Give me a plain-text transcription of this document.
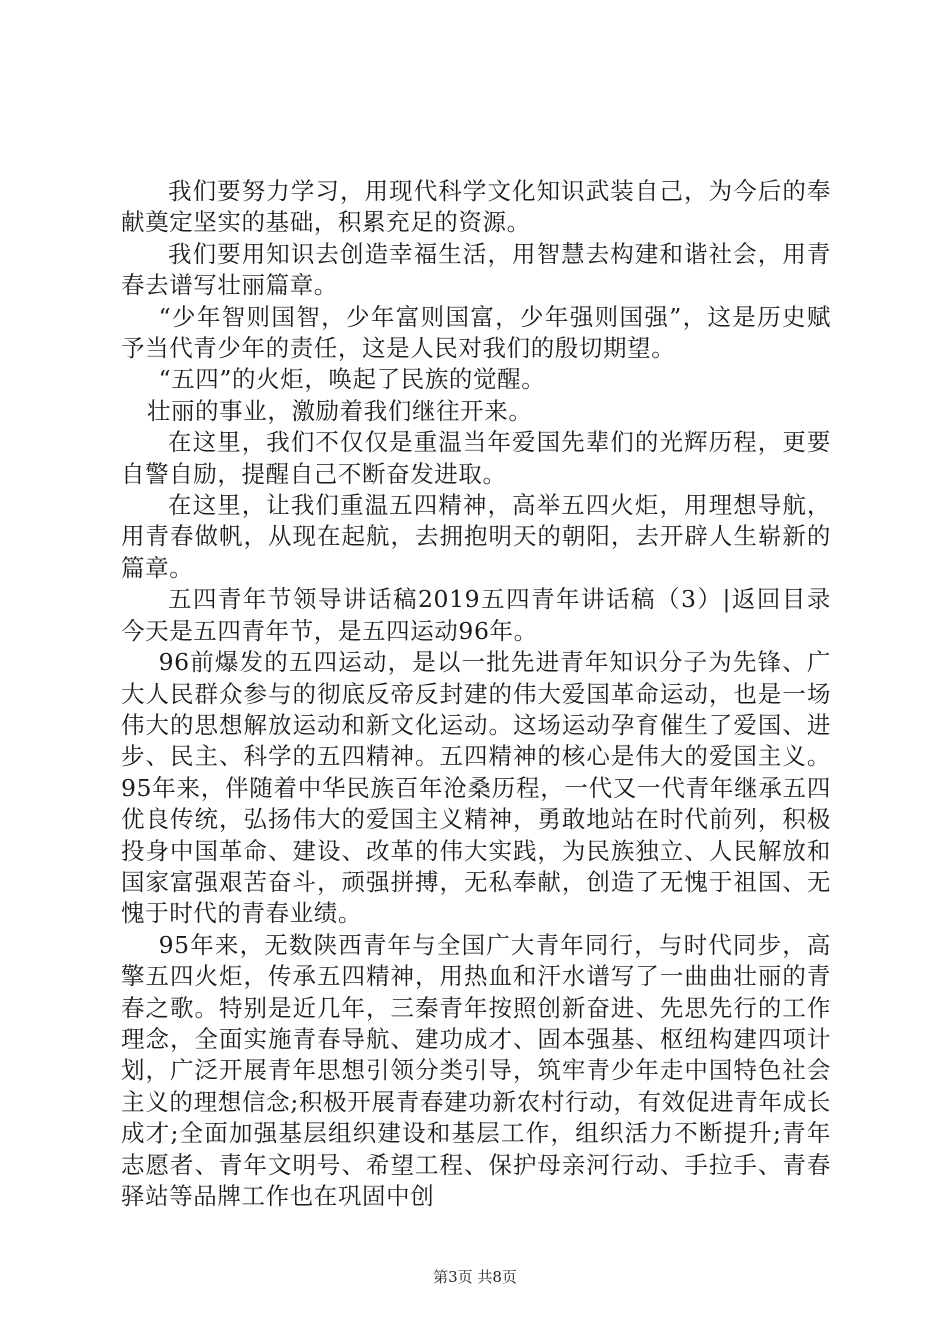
我们要努力学习，用现代科学文化知识武装自己，为今后的奉献奠定坚实的基础，积累充足的资源。

我们要用知识去创造幸福生活，用智慧去构建和谐社会，用青春去谱写壮丽篇章。

“少年智则国智，少年富则国富，少年强则国强”，这是历史赋予当代青少年的责任，这是人民对我们的殷切期望。

“五四”的火炬，唤起了民族的觉醒。

壮丽的事业，激励着我们继往开来。

在这里，我们不仅仅是重温当年爱国先辈们的光辉历程，更要自警自励，提醒自己不断奋发进取。

在这里，让我们重温五四精神，高举五四火炬，用理想导航，用青春做帆，从现在起航，去拥抱明天的朝阳，去开辟人生崭新的篇章。

五四青年节领导讲话稿2019五四青年讲话稿（3）|返回目录今天是五四青年节，是五四运动96年。

96前爆发的五四运动，是以一批先进青年知识分子为先锋、广大人民群众参与的彻底反帝反封建的伟大爱国革命运动，也是一场伟大的思想解放运动和新文化运动。这场运动孕育催生了爱国、进步、民主、科学的五四精神。五四精神的核心是伟大的爱国主义。95年来，伴随着中华民族百年沧桑历程，一代又一代青年继承五四优良传统，弘扬伟大的爱国主义精神，勇敢地站在时代前列，积极投身中国革命、建设、改革的伟大实践，为民族独立、人民解放和国家富强艰苦奋斗，顽强拼搏，无私奉献，创造了无愧于祖国、无愧于时代的青春业绩。

95年来，无数陕西青年与全国广大青年同行，与时代同步，高擎五四火炬，传承五四精神，用热血和汗水谱写了一曲曲壮丽的青春之歌。特别是近几年，三秦青年按照创新奋进、先思先行的工作理念，全面实施青春导航、建功成才、固本强基、枢纽构建四项计划，广泛开展青年思想引领分类引导，筑牢青少年走中国特色社会主义的理想信念;积极开展青春建功新农村行动，有效促进青年成长成才;全面加强基层组织建设和基层工作，组织活力不断提升;青年志愿者、青年文明号、希望工程、保护母亲河行动、手拉手、青春驿站等品牌工作也在巩固中创

第3页 共8页
